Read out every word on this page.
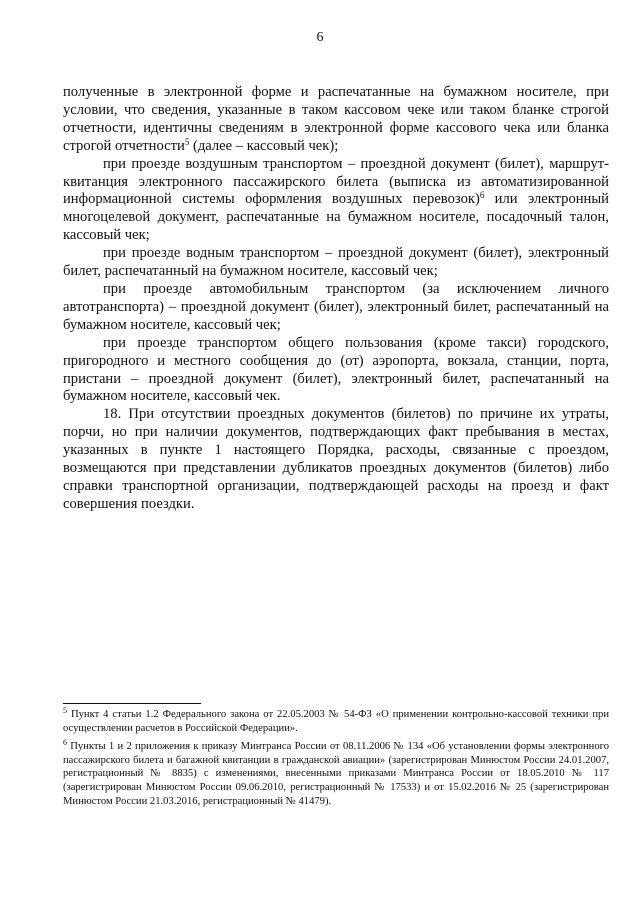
6

полученные в электронной форме и распечатанные на бумажном носителе, при условии, что сведения, указанные в таком кассовом чеке или таком бланке строгой отчетности, идентичны сведениям в электронной форме кассового чека или бланка строгой отчетности$^5$ (далее – кассовый чек);

при проезде воздушным транспортом – проездной документ (билет), маршрут-квитанция электронного пассажирского билета (выписка из автоматизированной информационной системы оформления воздушных перевозок)$^6$ или электронный многоцелевой документ, распечатанные на бумажном носителе, посадочный талон, кассовый чек;

при проезде водным транспортом – проездной документ (билет), электронный билет, распечатанный на бумажном носителе, кассовый чек;

при проезде автомобильным транспортом (за исключением личного автотранспорта) – проездной документ (билет), электронный билет, распечатанный на бумажном носителе, кассовый чек;

при проезде транспортом общего пользования (кроме такси) городского, пригородного и местного сообщения до (от) аэропорта, вокзала, станции, порта, пристани – проездной документ (билет), электронный билет, распечатанный на бумажном носителе, кассовый чек.

18. При отсутствии проездных документов (билетов) по причине их утраты, порчи, но при наличии документов, подтверждающих факт пребывания в местах, указанных в пункте 1 настоящего Порядка, расходы, связанные с проездом, возмещаются при представлении дубликатов проездных документов (билетов) либо справки транспортной организации, подтверждающей расходы на проезд и факт совершения поездки.

$^5$ Пункт 4 статьи 1.2 Федерального закона от 22.05.2003 № 54-ФЗ «О применении контрольно-кассовой техники при осуществлении расчетов в Российской Федерации».

$^6$ Пункты 1 и 2 приложения к приказу Минтранса России от 08.11.2006 № 134 «Об установлении формы электронного пассажирского билета и багажной квитанции в гражданской авиации» (зарегистрирован Минюстом России 24.01.2007, регистрационный № 8835) с изменениями, внесенными приказами Минтранса России от 18.05.2010 № 117 (зарегистрирован Минюстом России 09.06.2010, регистрационный № 17533) и от 15.02.2016 № 25 (зарегистрирован Минюстом России 21.03.2016, регистрационный № 41479).
